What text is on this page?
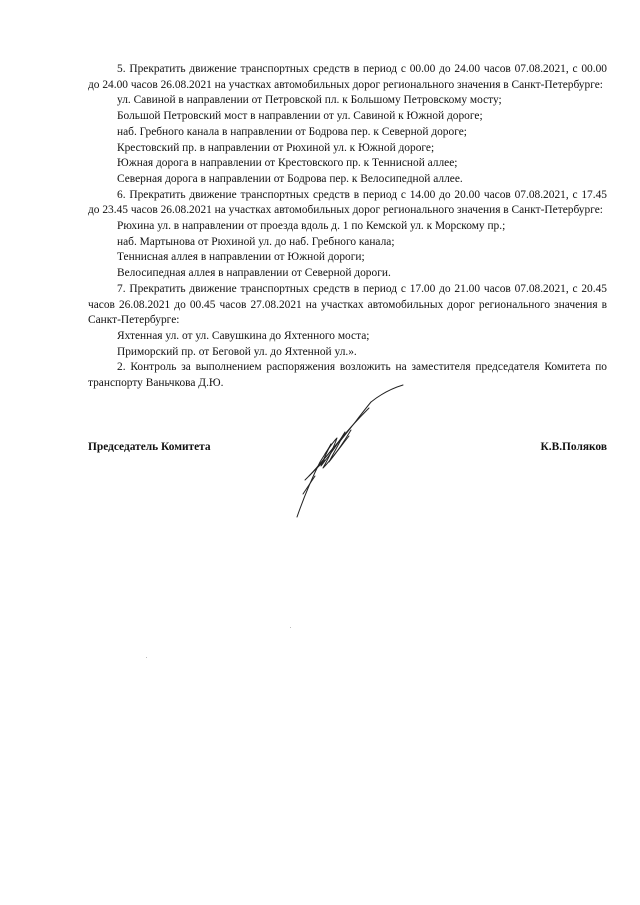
5. Прекратить движение транспортных средств в период с 00.00 до 24.00 часов 07.08.2021, с 00.00 до 24.00 часов 26.08.2021 на участках автомобильных дорог регионального значения в Санкт-Петербурге:

ул. Савиной в направлении от Петровской пл. к Большому Петровскому мосту;

Большой Петровский мост в направлении от ул. Савиной к Южной дороге;

наб. Гребного канала в направлении от Бодрова пер. к Северной дороге;

Крестовский пр. в направлении от Рюхиной ул. к Южной дороге;

Южная дорога в направлении от Крестовского пр. к Теннисной аллее;

Северная дорога в направлении от Бодрова пер. к Велосипедной аллее.

6. Прекратить движение транспортных средств в период с 14.00 до 20.00 часов 07.08.2021, с 17.45 до 23.45 часов 26.08.2021 на участках автомобильных дорог регионального значения в Санкт-Петербурге:

Рюхина ул. в направлении от проезда вдоль д. 1 по Кемской ул. к Морскому пр.;

наб. Мартынова от Рюхиной ул. до наб. Гребного канала;

Теннисная аллея в направлении от Южной дороги;

Велосипедная аллея в направлении от Северной дороги.

7. Прекратить движение транспортных средств в период с 17.00 до 21.00 часов 07.08.2021, с 20.45 часов 26.08.2021 до 00.45 часов 27.08.2021 на участках автомобильных дорог регионального значения в Санкт-Петербурге:

Яхтенная ул. от ул. Савушкина до Яхтенного моста;

Приморский пр. от Беговой ул. до Яхтенной ул.».

2. Контроль за выполнением распоряжения возложить на заместителя председателя Комитета по транспорту Ваньчкова Д.Ю.

Председатель Комитета	К.В.Поляков
